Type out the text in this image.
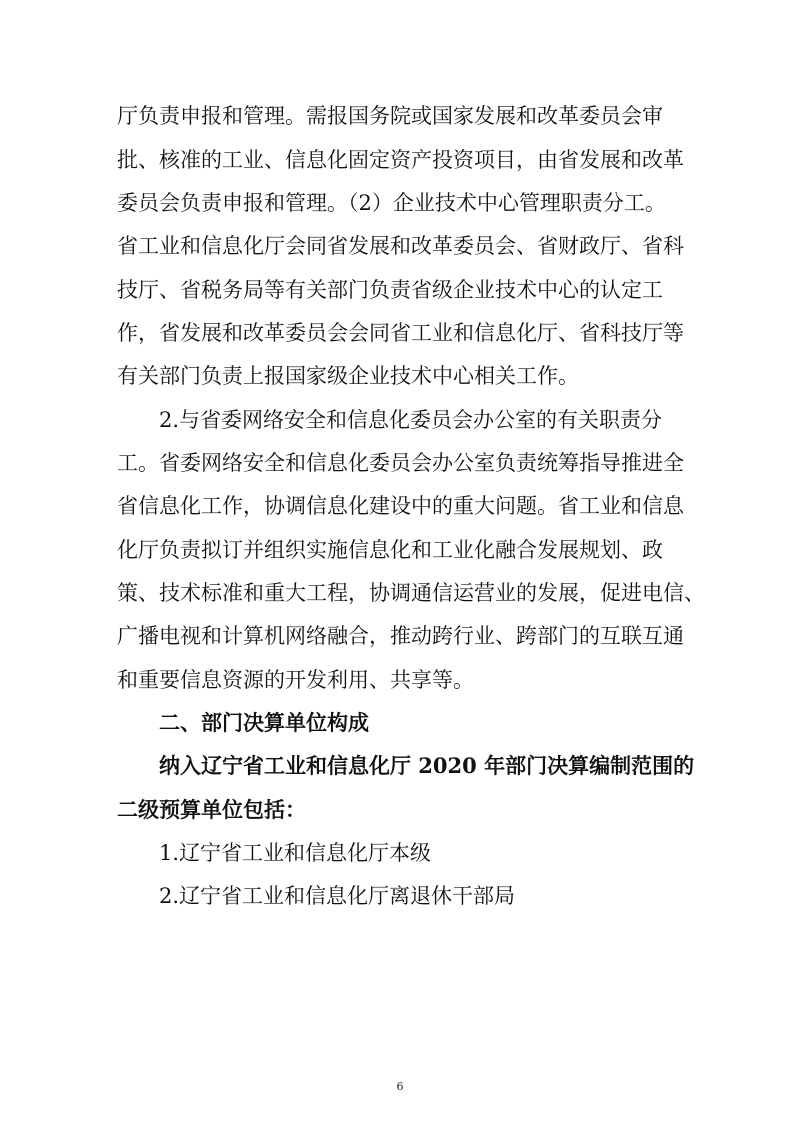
厅负责申报和管理。需报国务院或国家发展和改革委员会审
批、核准的工业、信息化固定资产投资项目，由省发展和改革
委员会负责申报和管理。（2）企业技术中心管理职责分工。
省工业和信息化厅会同省发展和改革委员会、省财政厅、省科
技厅、省税务局等有关部门负责省级企业技术中心的认定工
作，省发展和改革委员会会同省工业和信息化厅、省科技厅等
有关部门负责上报国家级企业技术中心相关工作。
2.与省委网络安全和信息化委员会办公室的有关职责分
工。省委网络安全和信息化委员会办公室负责统筹指导推进全
省信息化工作，协调信息化建设中的重大问题。省工业和信息
化厅负责拟订并组织实施信息化和工业化融合发展规划、政
策、技术标准和重大工程，协调通信运营业的发展，促进电信、
广播电视和计算机网络融合，推动跨行业、跨部门的互联互通
和重要信息资源的开发利用、共享等。
二、部门决算单位构成
纳入辽宁省工业和信息化厅 2020 年部门决算编制范围的
二级预算单位包括：
1.辽宁省工业和信息化厅本级
2.辽宁省工业和信息化厅离退休干部局
6
